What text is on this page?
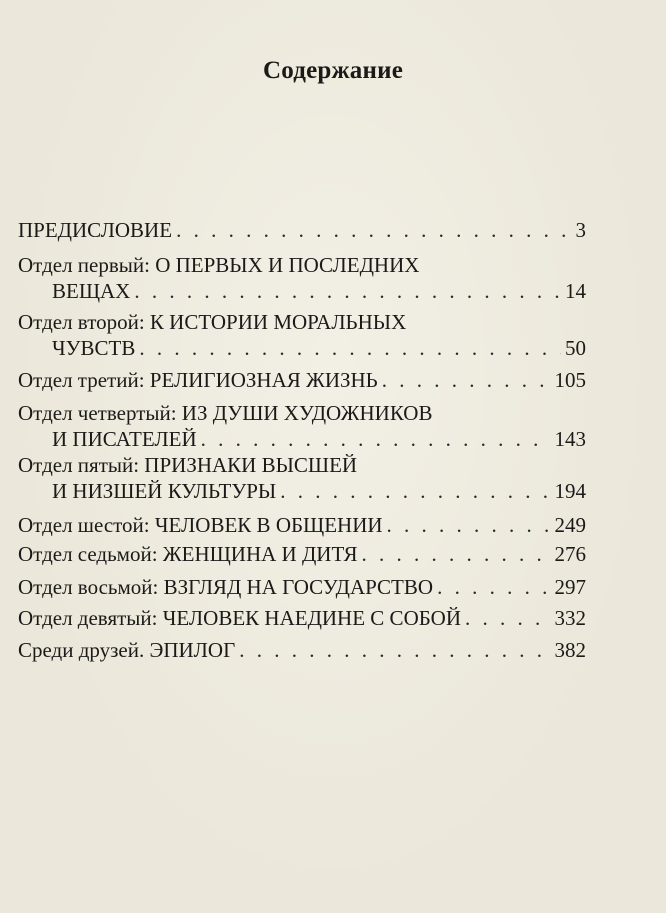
Содержание
ПРЕДИСЛОВИЕ . . .	3
Отдел первый: О ПЕРВЫХ И ПОСЛЕДНИХ
ВЕЩАХ . . .	14
Отдел второй: К ИСТОРИИ МОРАЛЬНЫХ
ЧУВСТВ . . .	50
Отдел третий: РЕЛИГИОЗНАЯ ЖИЗНЬ . . .	105
Отдел четвертый: ИЗ ДУШИ ХУДОЖНИКОВ
И ПИСАТЕЛЕЙ . . .	143
Отдел пятый: ПРИЗНАКИ ВЫСШЕЙ
И НИЗШЕЙ КУЛЬТУРЫ . . .	194
Отдел шестой: ЧЕЛОВЕК В ОБЩЕНИИ . . .	249
Отдел седьмой: ЖЕНЩИНА И ДИТЯ . . .	276
Отдел восьмой: ВЗГЛЯД НА ГОСУДАРСТВО . . .	297
Отдел девятый: ЧЕЛОВЕК НАЕДИНЕ С СОБОЙ . . .	332
Среди друзей. ЭПИЛОГ . . .	382
